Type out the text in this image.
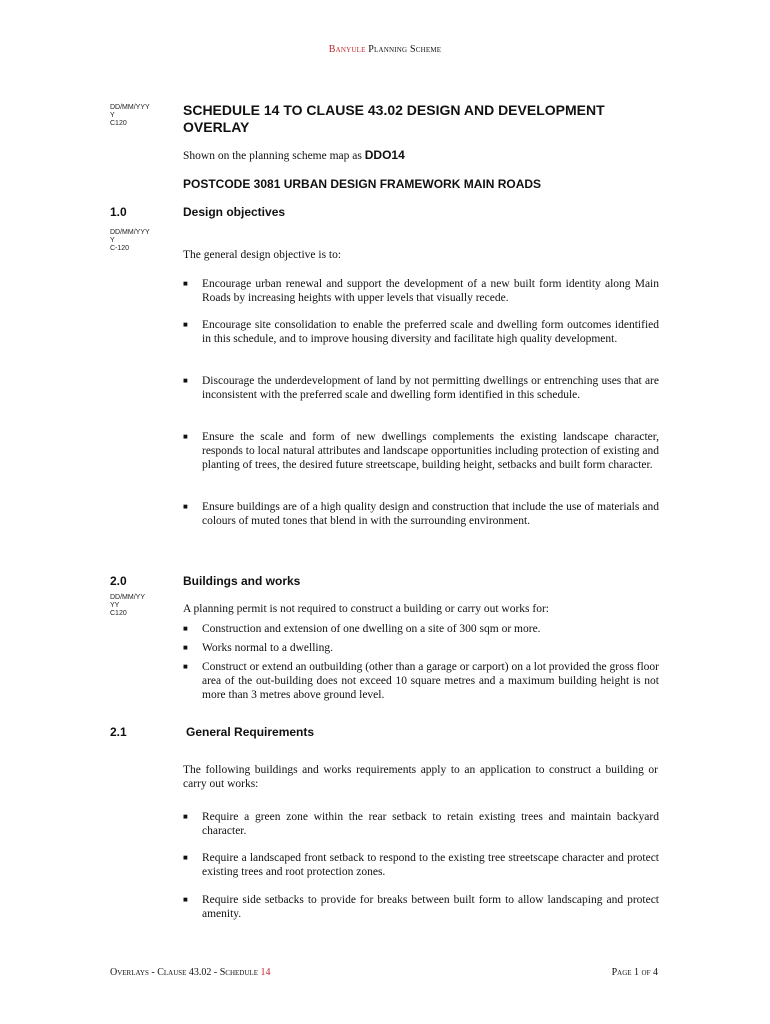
Banyule Planning Scheme
DD/MM/YYY
Y
C120
SCHEDULE 14 TO CLAUSE 43.02 DESIGN AND DEVELOPMENT OVERLAY
Shown on the planning scheme map as DDO14
POSTCODE 3081 URBAN DESIGN FRAMEWORK MAIN ROADS
1.0	Design objectives
DD/MM/YYY
Y
C-120
The general design objective is to:
■ Encourage urban renewal and support the development of a new built form identity along Main Roads by increasing heights with upper levels that visually recede.
■ Encourage site consolidation to enable the preferred scale and dwelling form outcomes identified in this schedule, and to improve housing diversity and facilitate high quality development.
■ Discourage the underdevelopment of land by not permitting dwellings or entrenching uses that are inconsistent with the preferred scale and dwelling form identified in this schedule.
■ Ensure the scale and form of new dwellings complements the existing landscape character, responds to local natural attributes and landscape opportunities including protection of existing and planting of trees, the desired future streetscape, building height, setbacks and built form character.
■ Ensure buildings are of a high quality design and construction that include the use of materials and colours of muted tones that blend in with the surrounding environment.
2.0	Buildings and works
DD/MM/YY
YY
C120	A planning permit is not required to construct a building or carry out works for:
■ Construction and extension of one dwelling on a site of 300 sqm or more.
■ Works normal to a dwelling.
■ Construct or extend an outbuilding (other than a garage or carport) on a lot provided the gross floor area of the out-building does not exceed 10 square metres and a maximum building height is not more than 3 metres above ground level.
2.1	General Requirements
The following buildings and works requirements apply to an application to construct a building or carry out works:
■ Require a green zone within the rear setback to retain existing trees and maintain backyard character.
■ Require a landscaped front setback to respond to the existing tree streetscape character and protect existing trees and root protection zones.
■ Require side setbacks to provide for breaks between built form to allow landscaping and protect amenity.
Overlays - Clause 43.02 - Schedule 14	Page 1 of 4
